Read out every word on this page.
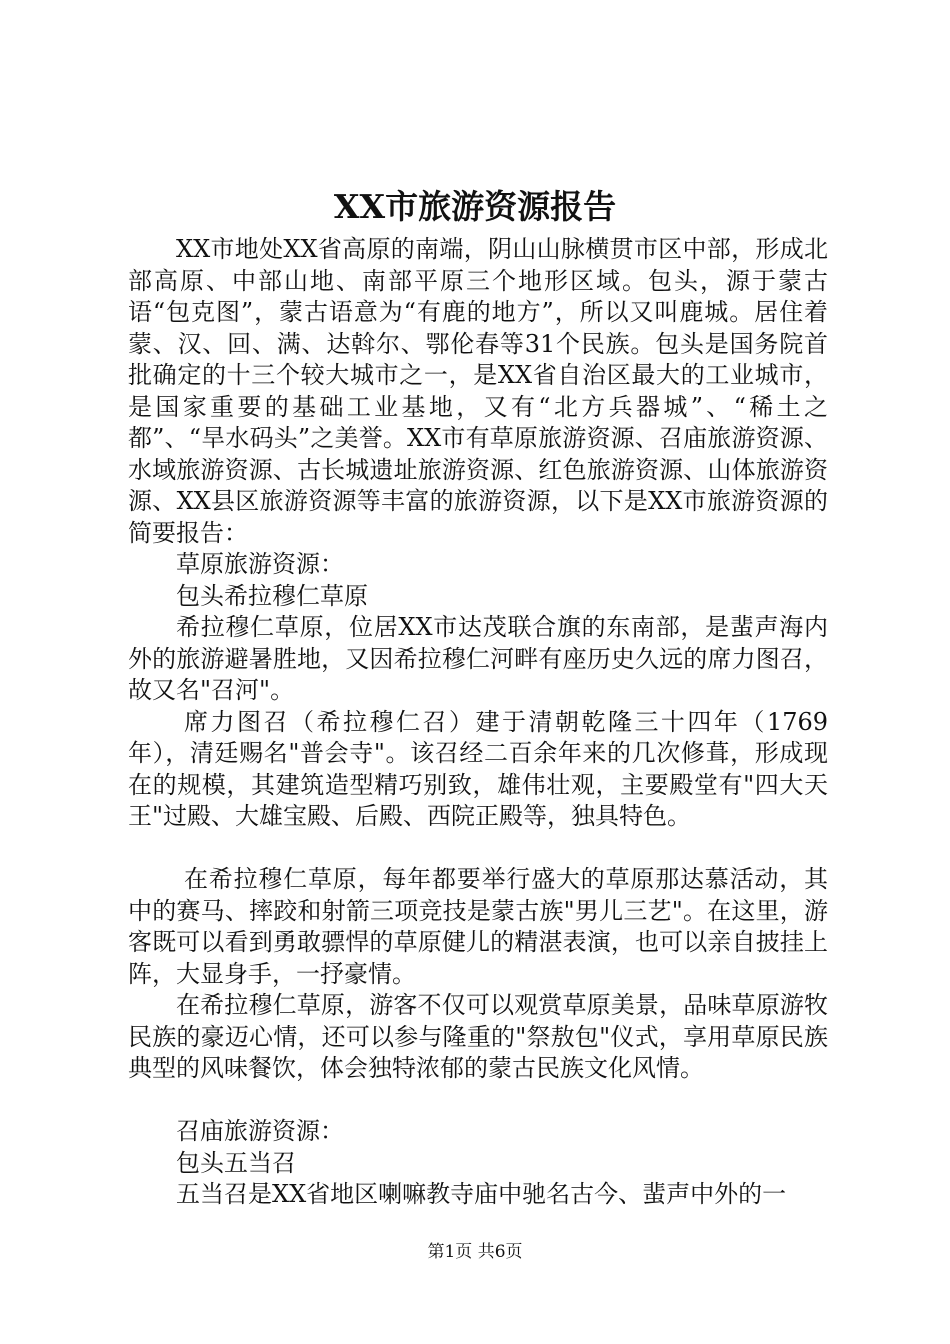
XX市旅游资源报告

XX市地处XX省高原的南端，阴山山脉横贯市区中部，形成北部高原、中部山地、南部平原三个地形区域。包头，源于蒙古语“包克图”，蒙古语意为“有鹿的地方”，所以又叫鹿城。居住着蒙、汉、回、满、达斡尔、鄂伦春等31个民族。包头是国务院首批确定的十三个较大城市之一，是XX省自治区最大的工业城市，是国家重要的基础工业基地，又有“北方兵器城”、“稀土之都”、“旱水码头”之美誉。XX市有草原旅游资源、召庙旅游资源、水域旅游资源、古长城遗址旅游资源、红色旅游资源、山体旅游资源、XX县区旅游资源等丰富的旅游资源，以下是XX市旅游资源的简要报告：

草原旅游资源：

包头希拉穆仁草原

希拉穆仁草原，位居XX市达茂联合旗的东南部，是蜚声海内外的旅游避暑胜地，又因希拉穆仁河畔有座历史久远的席力图召，故又名"召河"。

席力图召（希拉穆仁召）建于清朝乾隆三十四年（1769年），清廷赐名"普会寺"。该召经二百余年来的几次修葺，形成现在的规模，其建筑造型精巧别致，雄伟壮观，主要殿堂有"四大天王"过殿、大雄宝殿、后殿、西院正殿等，独具特色。

在希拉穆仁草原，每年都要举行盛大的草原那达慕活动，其中的赛马、摔跤和射箭三项竞技是蒙古族"男儿三艺"。在这里，游客既可以看到勇敢骠悍的草原健儿的精湛表演，也可以亲自披挂上阵，大显身手，一抒豪情。

在希拉穆仁草原，游客不仅可以观赏草原美景，品味草原游牧民族的豪迈心情，还可以参与隆重的"祭敖包"仪式，享用草原民族典型的风味餐饮，体会独特浓郁的蒙古民族文化风情。

召庙旅游资源：

包头五当召

五当召是XX省地区喇嘛教寺庙中驰名古今、蜚声中外的一

第1页 共6页
